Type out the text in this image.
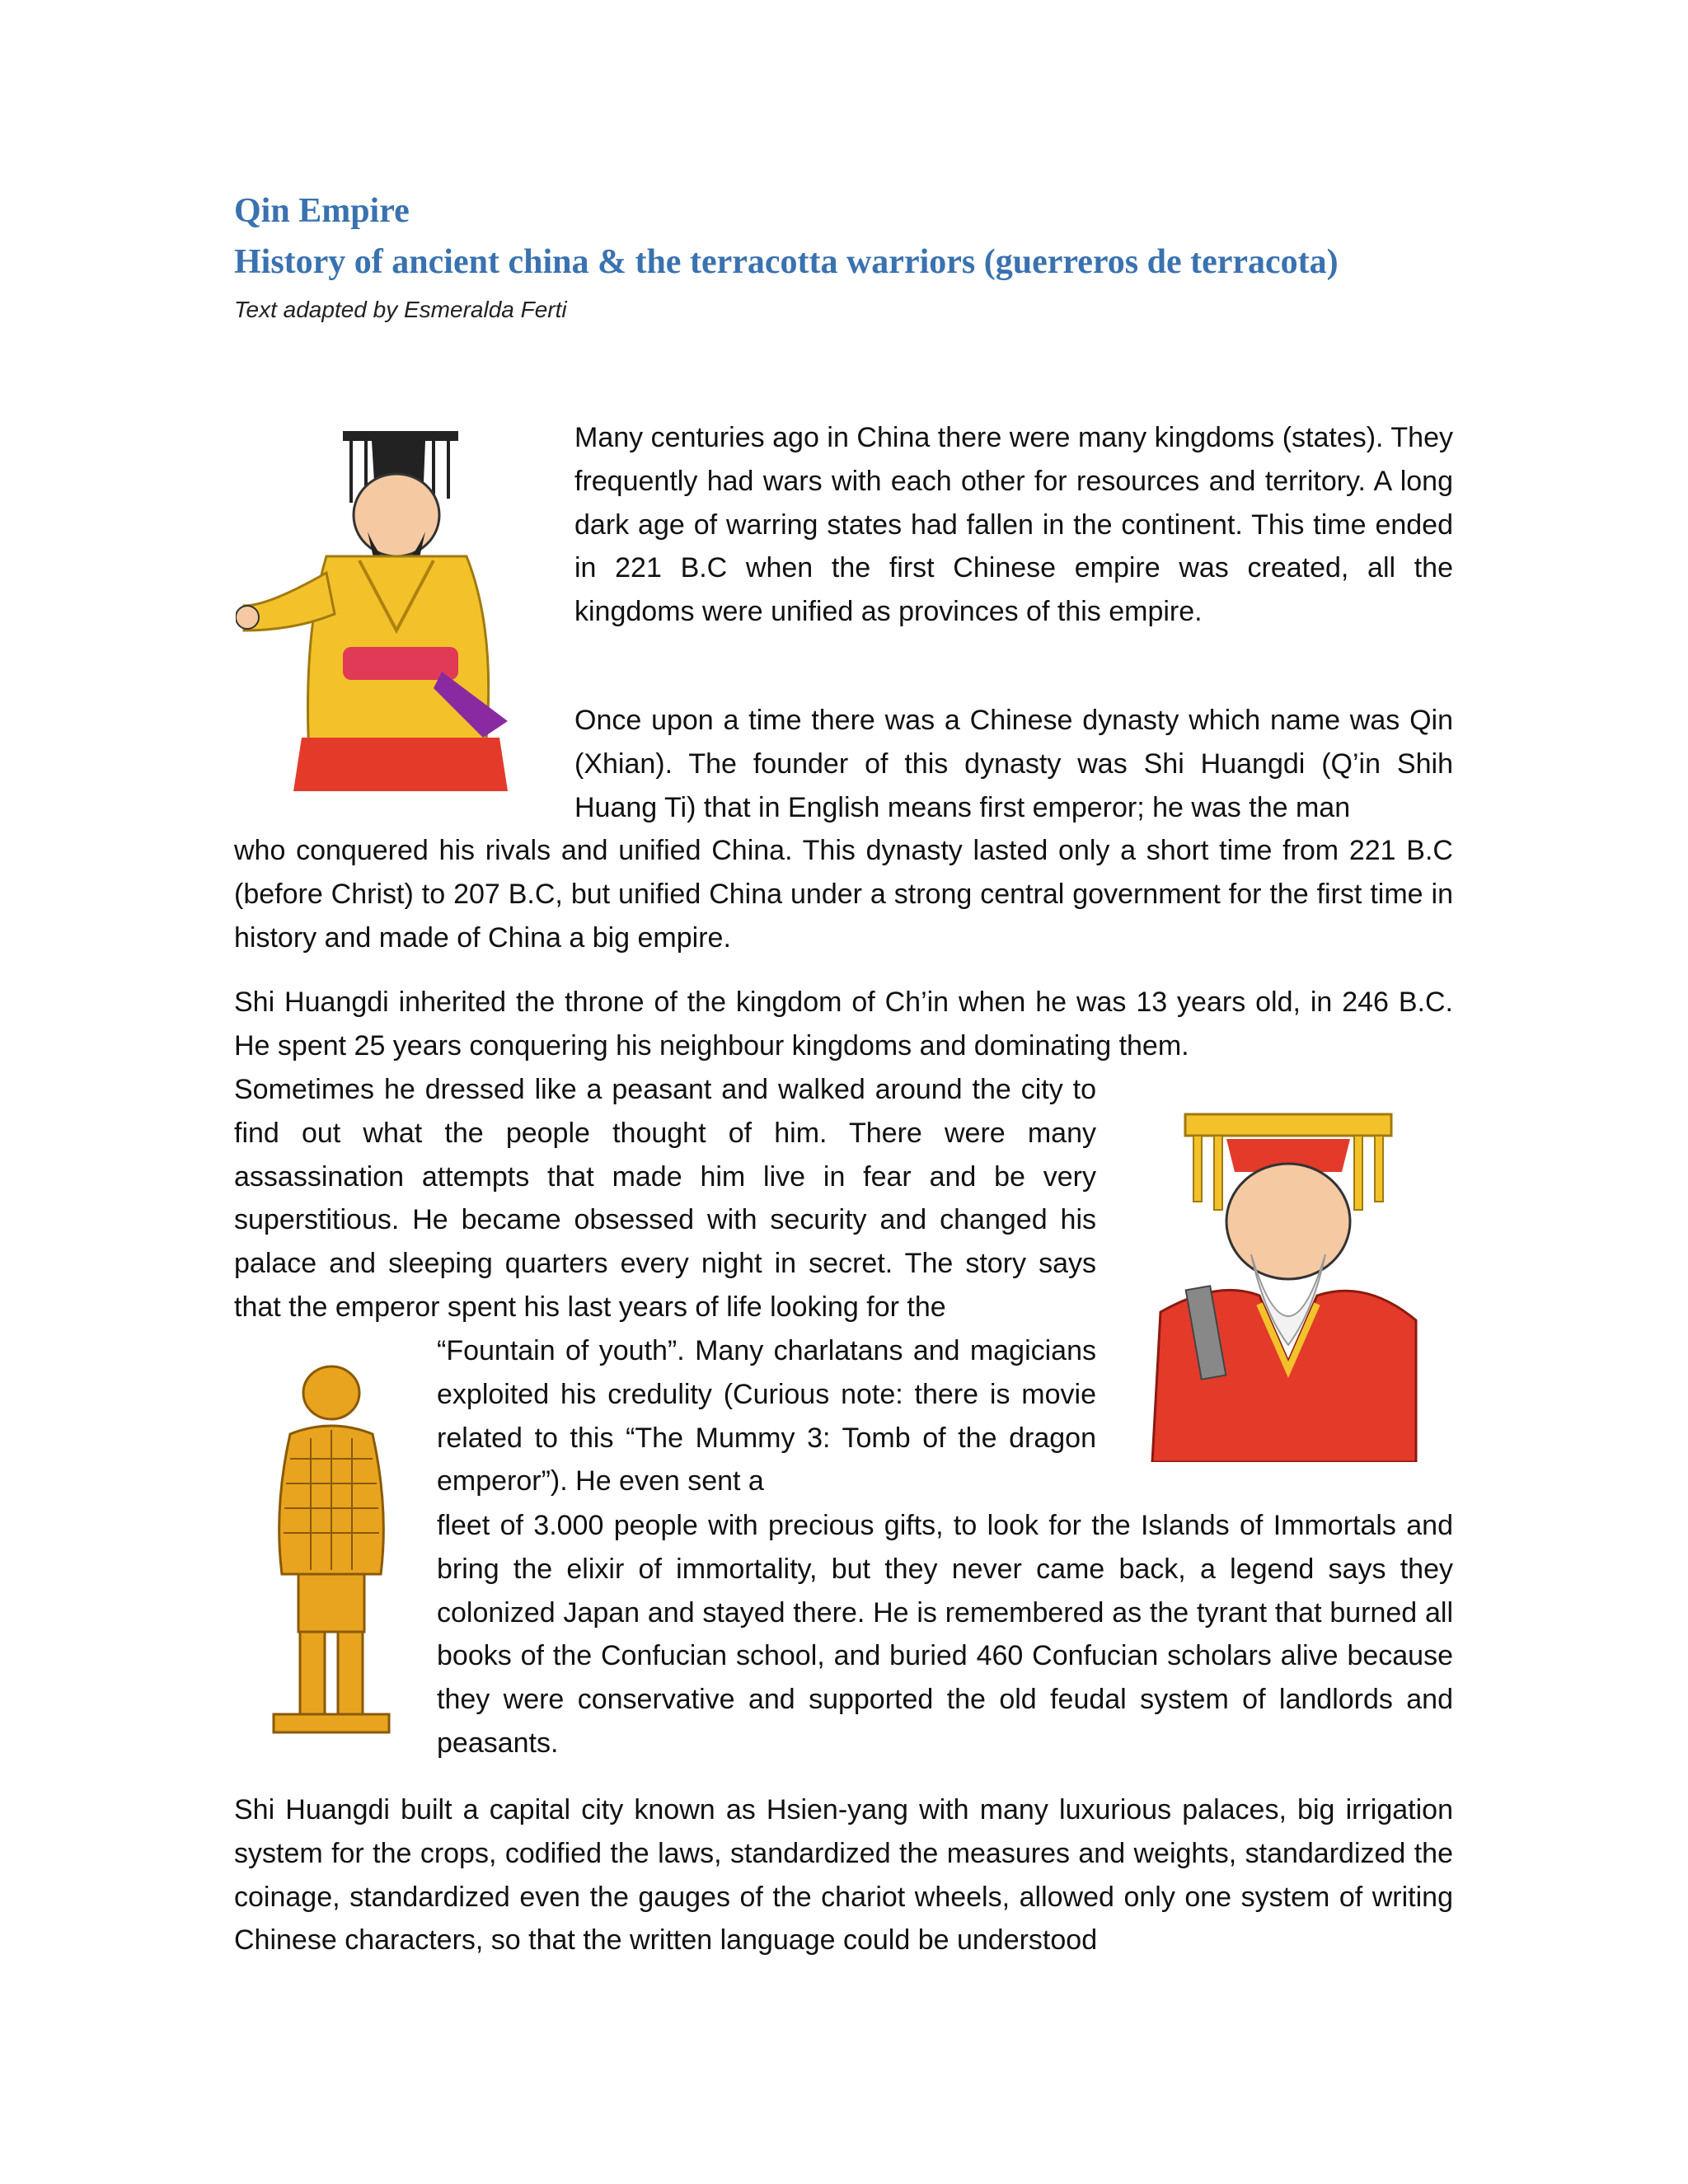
Qin Empire
History of ancient china & the terracotta warriors (guerreros de terracota)

Text adapted by Esmeralda Ferti

Many centuries ago in China there were many kingdoms (states). They frequently had wars with each other for resources and territory. A long dark age of warring states had fallen in the continent. This time ended in 221 B.C when the first Chinese empire was created, all the kingdoms were unified as provinces of this empire.

Once upon a time there was a Chinese dynasty which name was Qin (Xhian). The founder of this dynasty was Shi Huangdi (Q’in Shih Huang Ti) that in English means first emperor; he was the man

who conquered his rivals and unified China. This dynasty lasted only a short time from 221 B.C (before Christ) to 207 B.C, but unified China under a strong central government for the first time in history and made of China a big empire.

Shi Huangdi inherited the throne of the kingdom of Ch’in when he was 13 years old, in 246 B.C. He spent 25 years conquering his neighbour kingdoms and dominating them.

Sometimes he dressed like a peasant and walked around the city to find out what the people thought of him. There were many assassination attempts that made him live in fear and be very superstitious. He became obsessed with security and changed his palace and sleeping quarters every night in secret. The story says that the emperor spent his last years of life looking for the

“Fountain of youth”. Many charlatans and magicians exploited his credulity (Curious note: there is movie related to this “The Mummy 3: Tomb of the dragon emperor”). He even sent a

fleet of 3.000 people with precious gifts, to look for the Islands of Immortals and bring the elixir of immortality, but they never came back, a legend says they colonized Japan and stayed there. He is remembered as the tyrant that burned all books of the Confucian school, and buried 460 Confucian scholars alive because they were conservative and supported the old feudal system of landlords and peasants.

Shi Huangdi built a capital city known as Hsien-yang with many luxurious palaces, big irrigation system for the crops, codified the laws, standardized the measures and weights, standardized the coinage, standardized even the gauges of the chariot wheels, allowed only one system of writing Chinese characters, so that the written language could be understood
